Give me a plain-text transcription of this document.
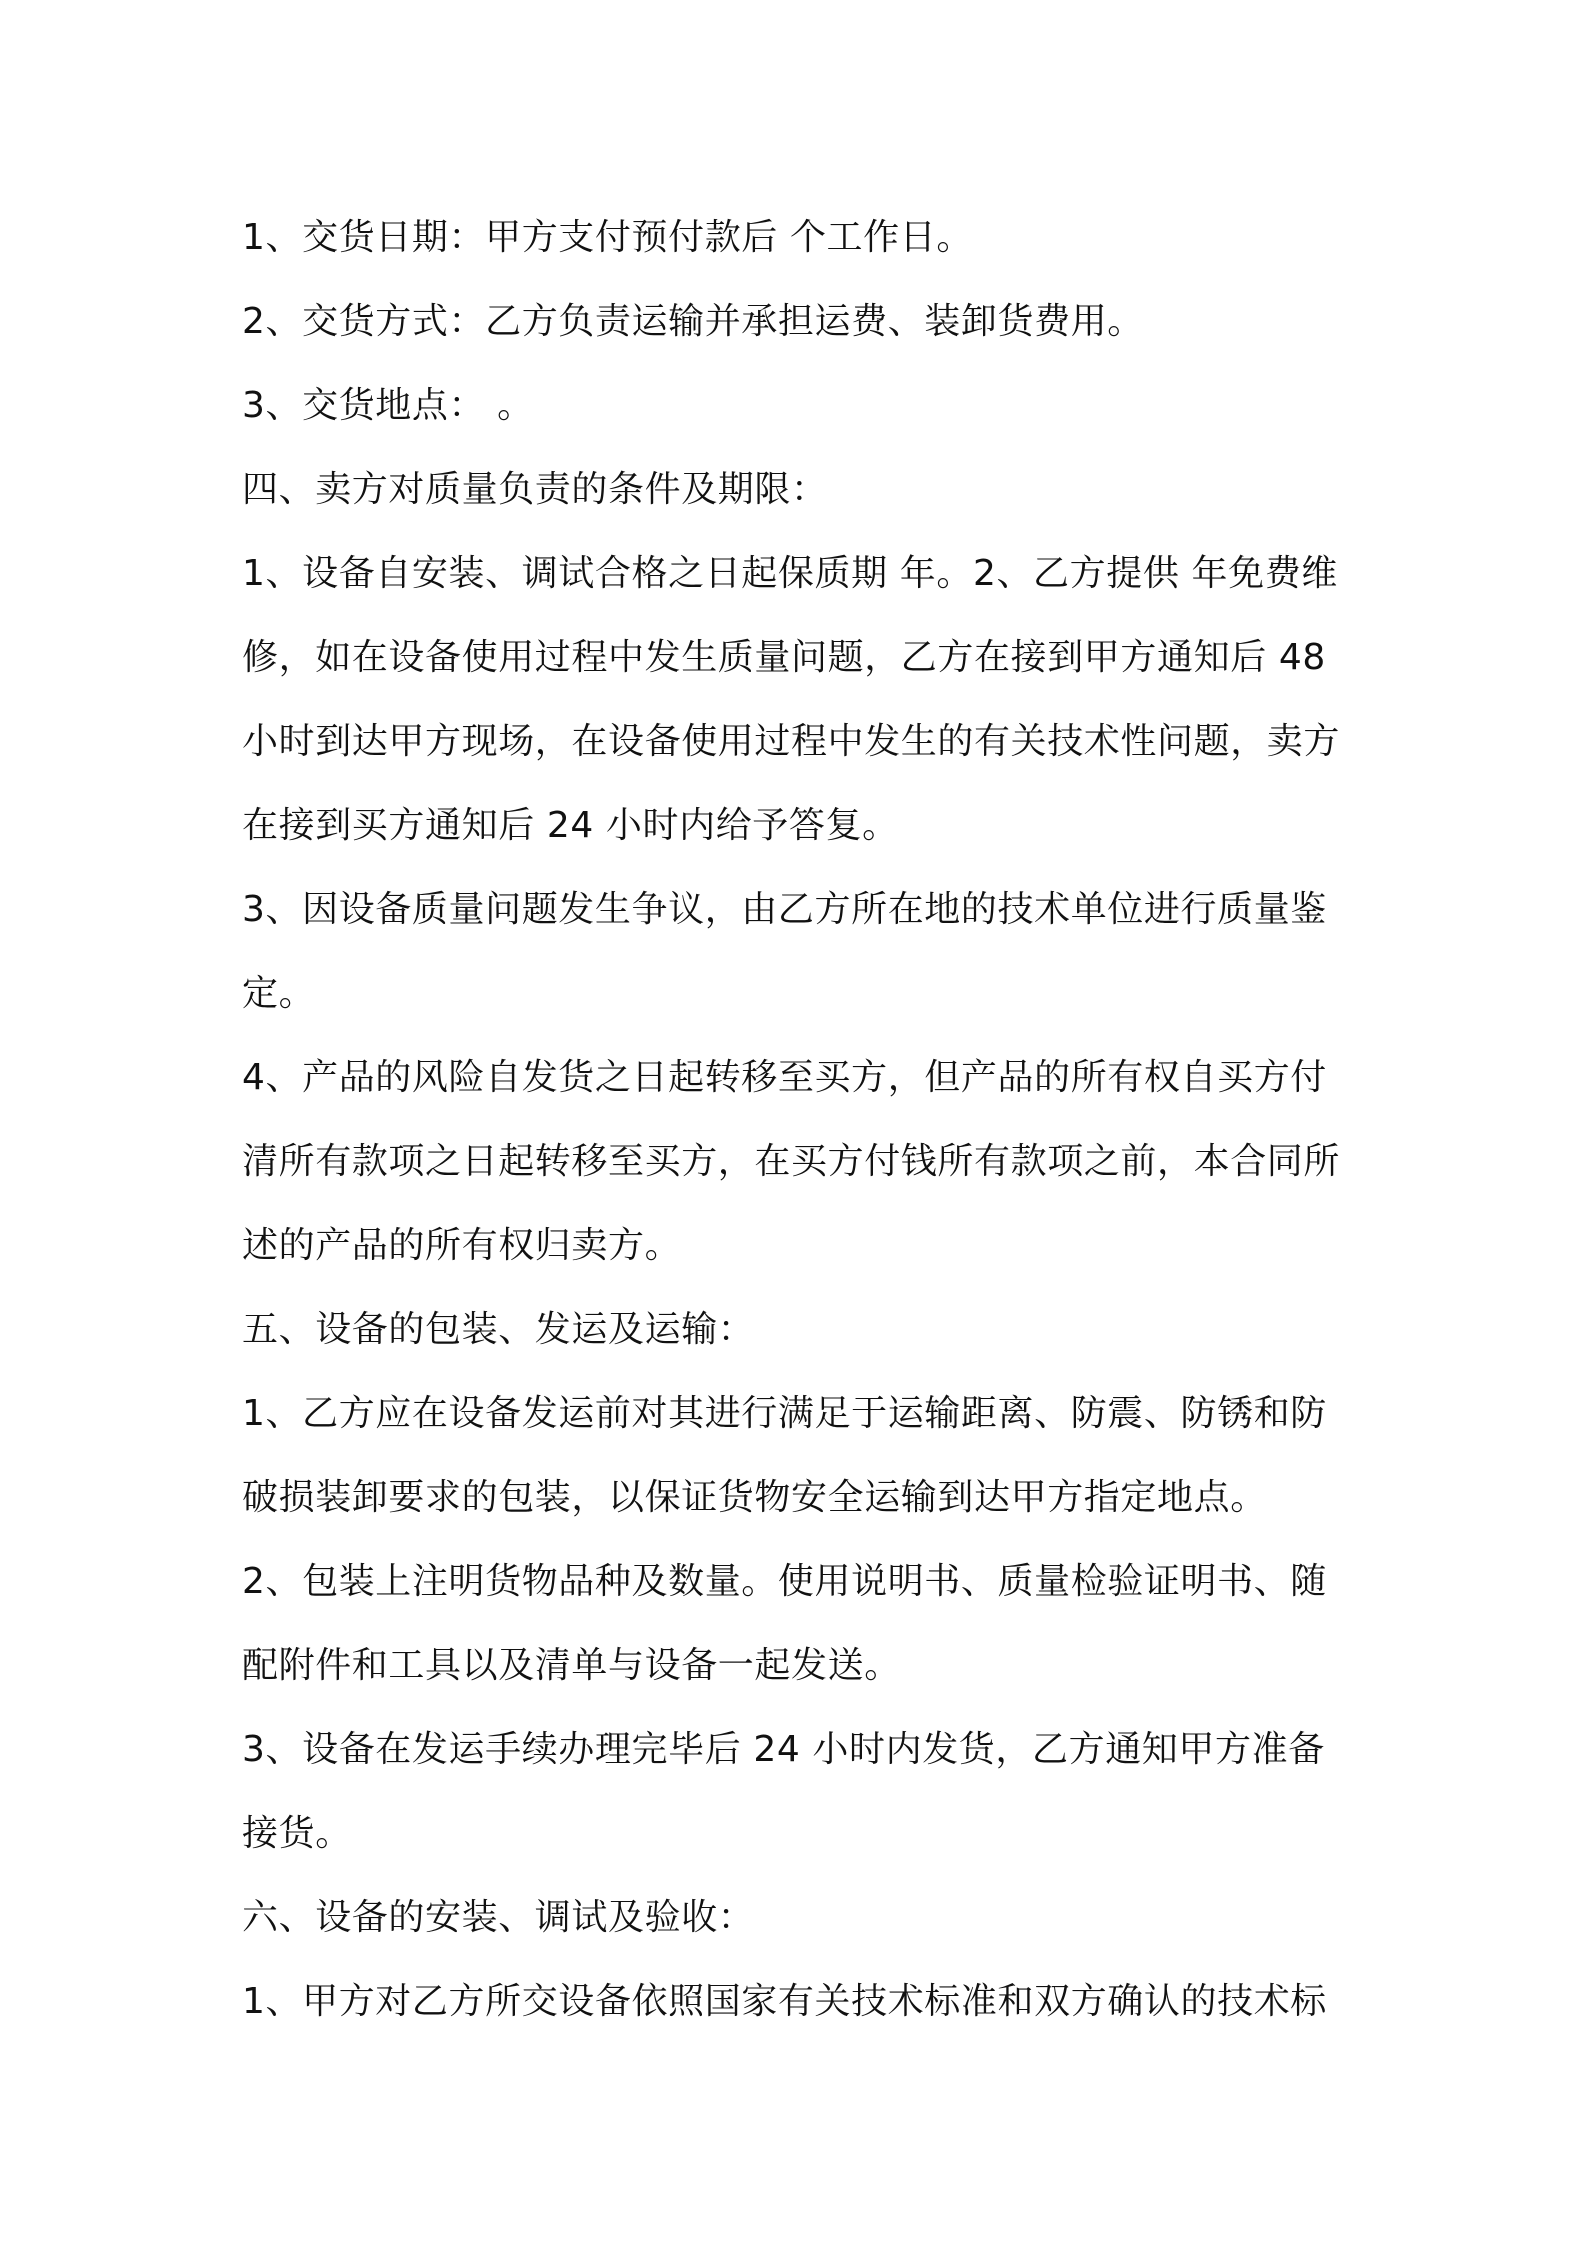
1、交货日期：甲方支付预付款后 个工作日。

2、交货方式：乙方负责运输并承担运费、装卸货费用。

3、交货地点： 。

四、卖方对质量负责的条件及期限：

1、设备自安装、调试合格之日起保质期 年。2、乙方提供 年免费维

修，如在设备使用过程中发生质量问题，乙方在接到甲方通知后 48

小时到达甲方现场，在设备使用过程中发生的有关技术性问题，卖方

在接到买方通知后 24 小时内给予答复。

3、因设备质量问题发生争议，由乙方所在地的技术单位进行质量鉴

定。

4、产品的风险自发货之日起转移至买方，但产品的所有权自买方付

清所有款项之日起转移至买方，在买方付钱所有款项之前，本合同所

述的产品的所有权归卖方。

五、设备的包装、发运及运输：

1、乙方应在设备发运前对其进行满足于运输距离、防震、防锈和防

破损装卸要求的包装，以保证货物安全运输到达甲方指定地点。

2、包装上注明货物品种及数量。使用说明书、质量检验证明书、随

配附件和工具以及清单与设备一起发送。

3、设备在发运手续办理完毕后 24 小时内发货，乙方通知甲方准备

接货。

六、设备的安装、调试及验收：

1、甲方对乙方所交设备依照国家有关技术标准和双方确认的技术标
